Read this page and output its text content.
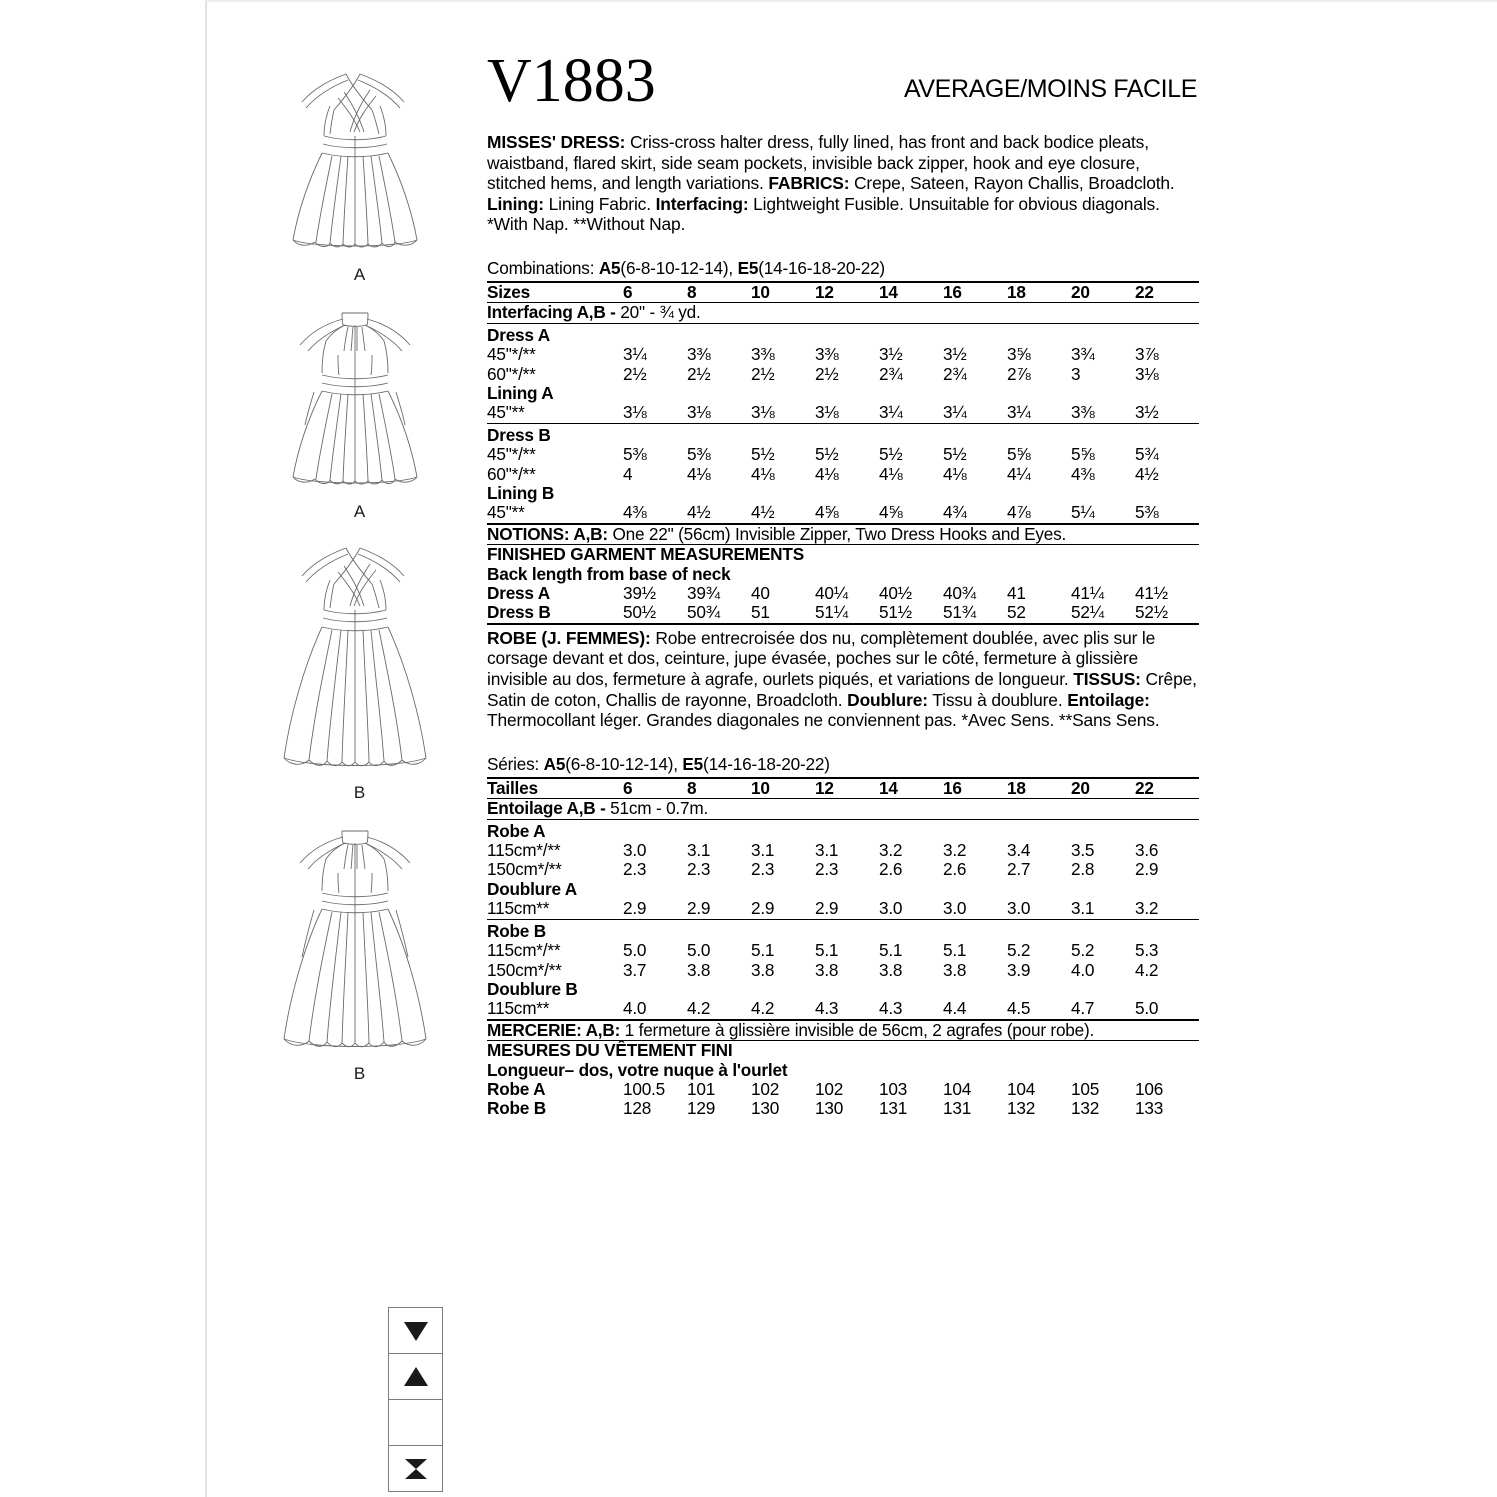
A
A
B
B
V1883	AVERAGE/MOINS FACILE
MISSES' DRESS: Criss-cross halter dress, fully lined, has front and back bodice pleats, waistband, flared skirt, side seam pockets, invisible back zipper, hook and eye closure, stitched hems, and length variations. FABRICS: Crepe, Sateen, Rayon Challis, Broadcloth. Lining: Lining Fabric. Interfacing: Lightweight Fusible. Unsuitable for obvious diagonals. *With Nap. **Without Nap.
Combinations: A5(6-8-10-12-14), E5(14-16-18-20-22)

Sizes	6	8	10	12	14	16	18	20	22
Interfacing A,B - 20" - ¾ yd.									
Dress A									
45"*/**	3¼	3⅜	3⅜	3⅜	3½	3½	3⅝	3¾	3⅞
60"*/**	2½	2½	2½	2½	2¾	2¾	2⅞	3	3⅛
Lining A									
45"**	3⅛	3⅛	3⅛	3⅛	3¼	3¼	3¼	3⅜	3½
Dress B									
45"*/**	5⅜	5⅜	5½	5½	5½	5½	5⅝	5⅝	5¾
60"*/**	4	4⅛	4⅛	4⅛	4⅛	4⅛	4¼	4⅜	4½
Lining B									
45"**	4⅜	4½	4½	4⅝	4⅝	4¾	4⅞	5¼	5⅜
NOTIONS: A,B: One 22" (56cm) Invisible Zipper, Two Dress Hooks and Eyes.									
FINISHED GARMENT MEASUREMENTS									
Back length from base of neck									
Dress A	39½	39¾	40	40¼	40½	40¾	41	41¼	41½
Dress B	50½	50¾	51	51¼	51½	51¾	52	52¼	52½
ROBE (J. FEMMES): Robe entrecroisée dos nu, complètement doublée, avec plis sur le corsage devant et dos, ceinture, jupe évasée, poches sur le côté, fermeture à glissière invisible au dos, fermeture à agrafe, ourlets piqués, et variations de longueur. TISSUS: Crêpe, Satin de coton, Challis de rayonne, Broadcloth. Doublure: Tissu à doublure. Entoilage: Thermocollant léger. Grandes diagonales ne conviennent pas. *Avec Sens. **Sans Sens.
Séries: A5(6-8-10-12-14), E5(14-16-18-20-22)

Tailles	6	8	10	12	14	16	18	20	22
Entoilage A,B - 51cm - 0.7m.									
Robe A									
115cm*/**	3.0	3.1	3.1	3.1	3.2	3.2	3.4	3.5	3.6
150cm*/**	2.3	2.3	2.3	2.3	2.6	2.6	2.7	2.8	2.9
Doublure A									
115cm**	2.9	2.9	2.9	2.9	3.0	3.0	3.0	3.1	3.2
Robe B									
115cm*/**	5.0	5.0	5.1	5.1	5.1	5.1	5.2	5.2	5.3
150cm*/**	3.7	3.8	3.8	3.8	3.8	3.8	3.9	4.0	4.2
Doublure B									
115cm**	4.0	4.2	4.2	4.3	4.3	4.4	4.5	4.7	5.0
MERCERIE: A,B: 1 fermeture à glissière invisible de 56cm, 2 agrafes (pour robe).									
MESURES DU VÊTEMENT FINI									
Longueur– dos, votre nuque à l'ourlet									
Robe A	100.5	101	102	102	103	104	104	105	106
Robe B	128	129	130	130	131	131	132	132	133
